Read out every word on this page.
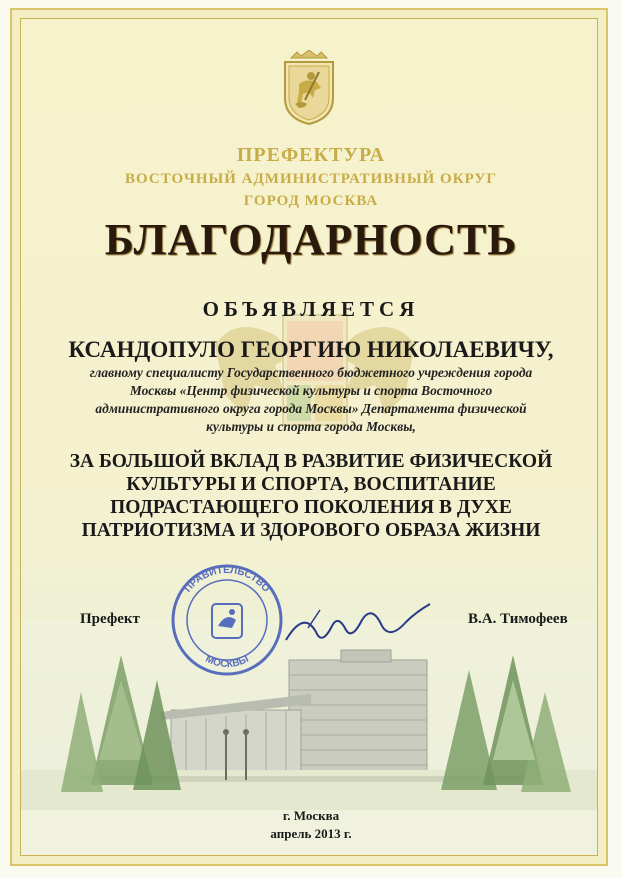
ПРЕФЕКТУРА
ВОСТОЧНЫЙ АДМИНИСТРАТИВНЫЙ ОКРУГ
ГОРОД МОСКВА
БЛАГОДАРНОСТЬ
ОБЪЯВЛЯЕТСЯ
КСАНДОПУЛО ГЕОРГИЮ НИКОЛАЕВИЧУ,
главному специалисту Государственного бюджетного учреждения города
Москвы «Центр физической культуры и спорта Восточного
административного округа города Москвы» Департамента физической
культуры и спорта города Москвы,
ЗА БОЛЬШОЙ ВКЛАД В РАЗВИТИЕ ФИЗИЧЕСКОЙ
КУЛЬТУРЫ И СПОРТА, ВОСПИТАНИЕ
ПОДРАСТАЮЩЕГО ПОКОЛЕНИЯ В ДУХЕ
ПАТРИОТИЗМА И ЗДОРОВОГО ОБРАЗА ЖИЗНИ
Префект	В.А. Тимофеев
ПРАВИТЕЛЬСТВО
МОСКВЫ
г. Москва
апрель 2013 г.
